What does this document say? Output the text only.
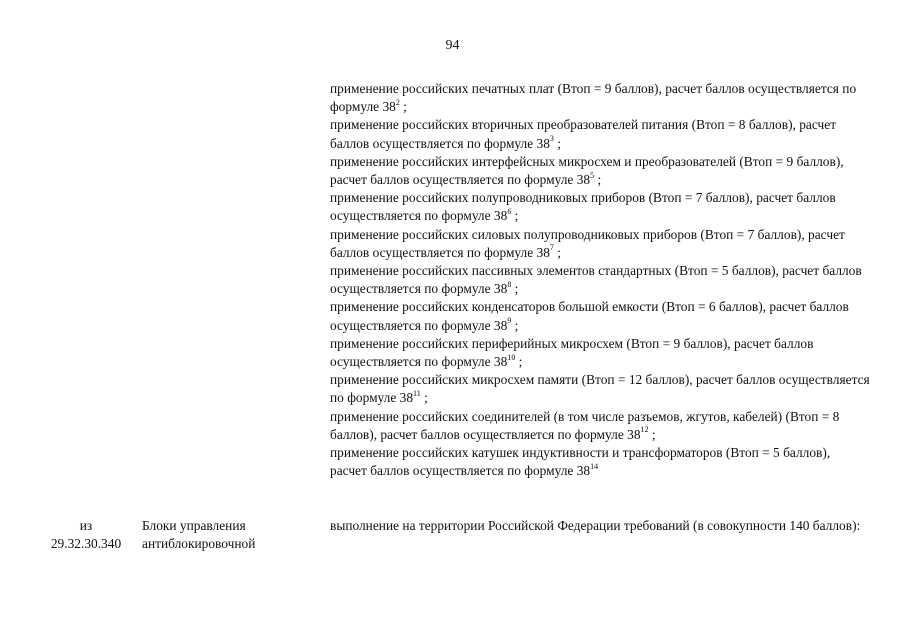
94
применение российских печатных плат (Втоп = 9 баллов), расчет баллов осуществляется по формуле $38^2$ ;
применение российских вторичных преобразователей питания (Втоп = 8 баллов), расчет баллов осуществляется по формуле $38^3$ ;
применение российских интерфейсных микросхем и преобразователей (Втоп = 9 баллов), расчет баллов осуществляется по формуле $38^5$ ;
применение российских полупроводниковых приборов (Втоп = 7 баллов), расчет баллов осуществляется по формуле $38^6$ ;
применение российских силовых полупроводниковых приборов (Втоп = 7 баллов), расчет баллов осуществляется по формуле $38^7$ ;
применение российских пассивных элементов стандартных (Втоп = 5 баллов), расчет баллов осуществляется по формуле $38^8$ ;
применение российских конденсаторов большой емкости (Втоп = 6 баллов), расчет баллов осуществляется по формуле $38^9$ ;
применение российских периферийных микросхем (Втоп = 9 баллов), расчет баллов осуществляется по формуле $38^{10}$ ;
применение российских микросхем памяти (Втоп = 12 баллов), расчет баллов осуществляется по формуле $38^{11}$ ;
применение российских соединителей (в том числе разъемов, жгутов, кабелей) (Втоп = 8 баллов), расчет баллов осуществляется по формуле $38^{12}$ ;
применение российских катушек индуктивности и трансформаторов (Втоп = 5 баллов), расчет баллов осуществляется по формуле $38^{14}$
из
29.32.30.340
Блоки управления
антиблокировочной
выполнение на территории Российской Федерации требований (в совокупности 140 баллов):
